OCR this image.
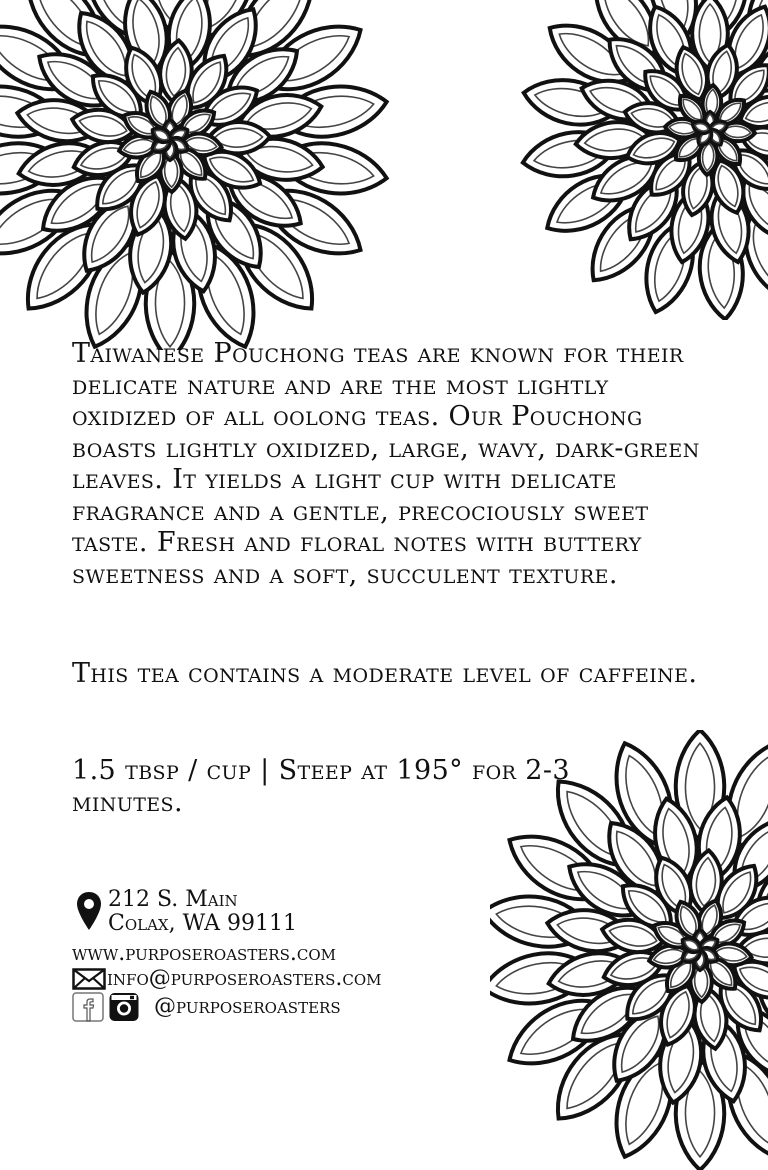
Taiwanese Pouchong teas are known for their delicate nature and are the most lightly oxidized of all oolong teas. Our Pouchong boasts lightly oxidized, large, wavy, dark-green leaves. It yields a light cup with delicate fragrance and a gentle, precociously sweet taste. Fresh and floral notes with buttery sweetness and a soft, succulent texture.
This tea contains a moderate level of caffeine.
1.5 tbsp / cup | Steep at 195° for 2-3 minutes.
212 S. Main
Colax, WA 99111
www.purposeroasters.com
info@purposeroasters.com
@purposeroasters
